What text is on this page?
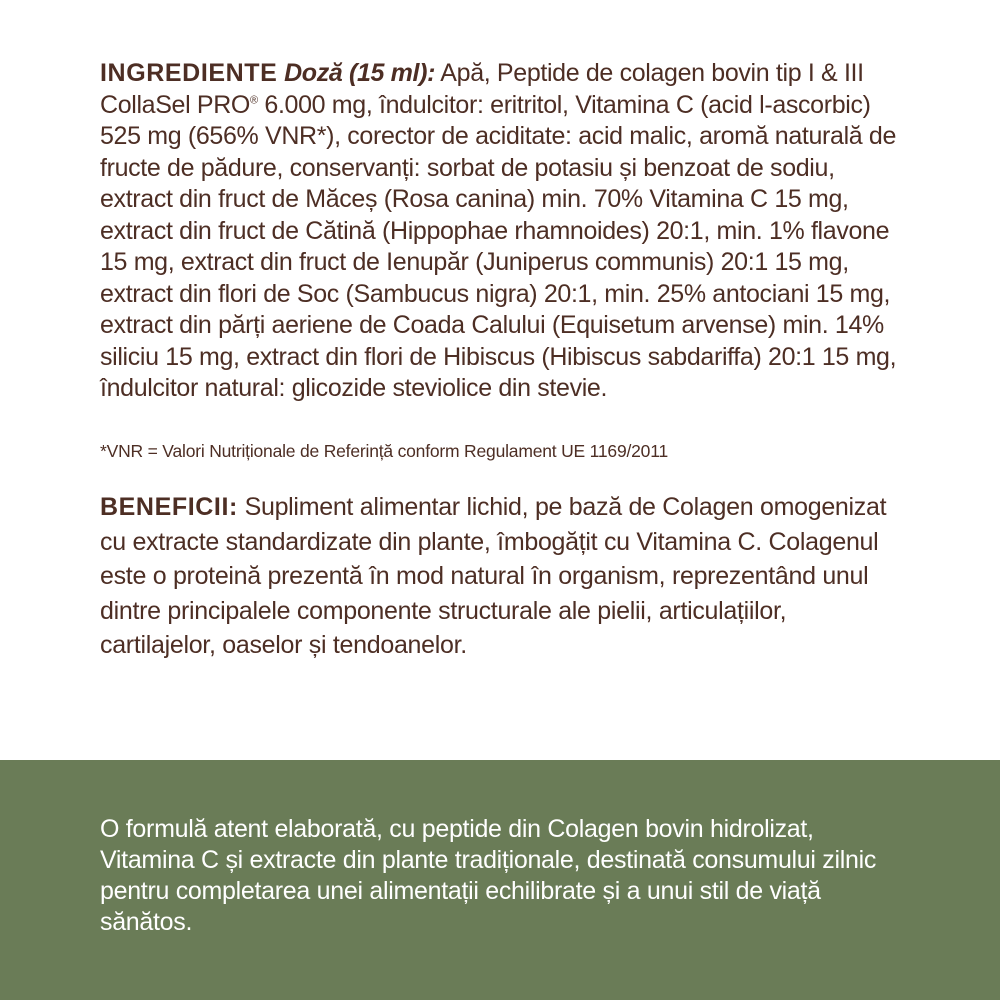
INGREDIENTE Doză (15 ml): Apă, Peptide de colagen bovin tip I & III CollaSel PRO® 6.000 mg, îndulcitor: eritritol, Vitamina C (acid l-ascorbic) 525 mg (656% VNR*), corector de aciditate: acid malic, aromă naturală de fructe de pădure, conservanți: sorbat de potasiu și benzoat de sodiu, extract din fruct de Măceș (Rosa canina) min. 70% Vitamina C 15 mg, extract din fruct de Cătină (Hippophae rhamnoides) 20:1, min. 1% flavone 15 mg, extract din fruct de Ienupăr (Juniperus communis) 20:1 15 mg, extract din flori de Soc (Sambucus nigra) 20:1, min. 25% antociani 15 mg, extract din părți aeriene de Coada Calului (Equisetum arvense) min. 14% siliciu 15 mg, extract din flori de Hibiscus (Hibiscus sabdariffa) 20:1 15 mg, îndulcitor natural: glicozide steviolice din stevie.

*VNR = Valori Nutriționale de Referință conform Regulament UE 1169/2011

BENEFICII: Supliment alimentar lichid, pe bază de Colagen omogenizat cu extracte standardizate din plante, îmbogățit cu Vitamina C. Colagenul este o proteină prezentă în mod natural în organism, reprezentând unul dintre principalele componente structurale ale pielii, articulațiilor, cartilajelor, oaselor și tendoanelor.

O formulă atent elaborată, cu peptide din Colagen bovin hidrolizat, Vitamina C și extracte din plante tradiționale, destinată consumului zilnic pentru completarea unei alimentații echilibrate și a unui stil de viață sănătos.
